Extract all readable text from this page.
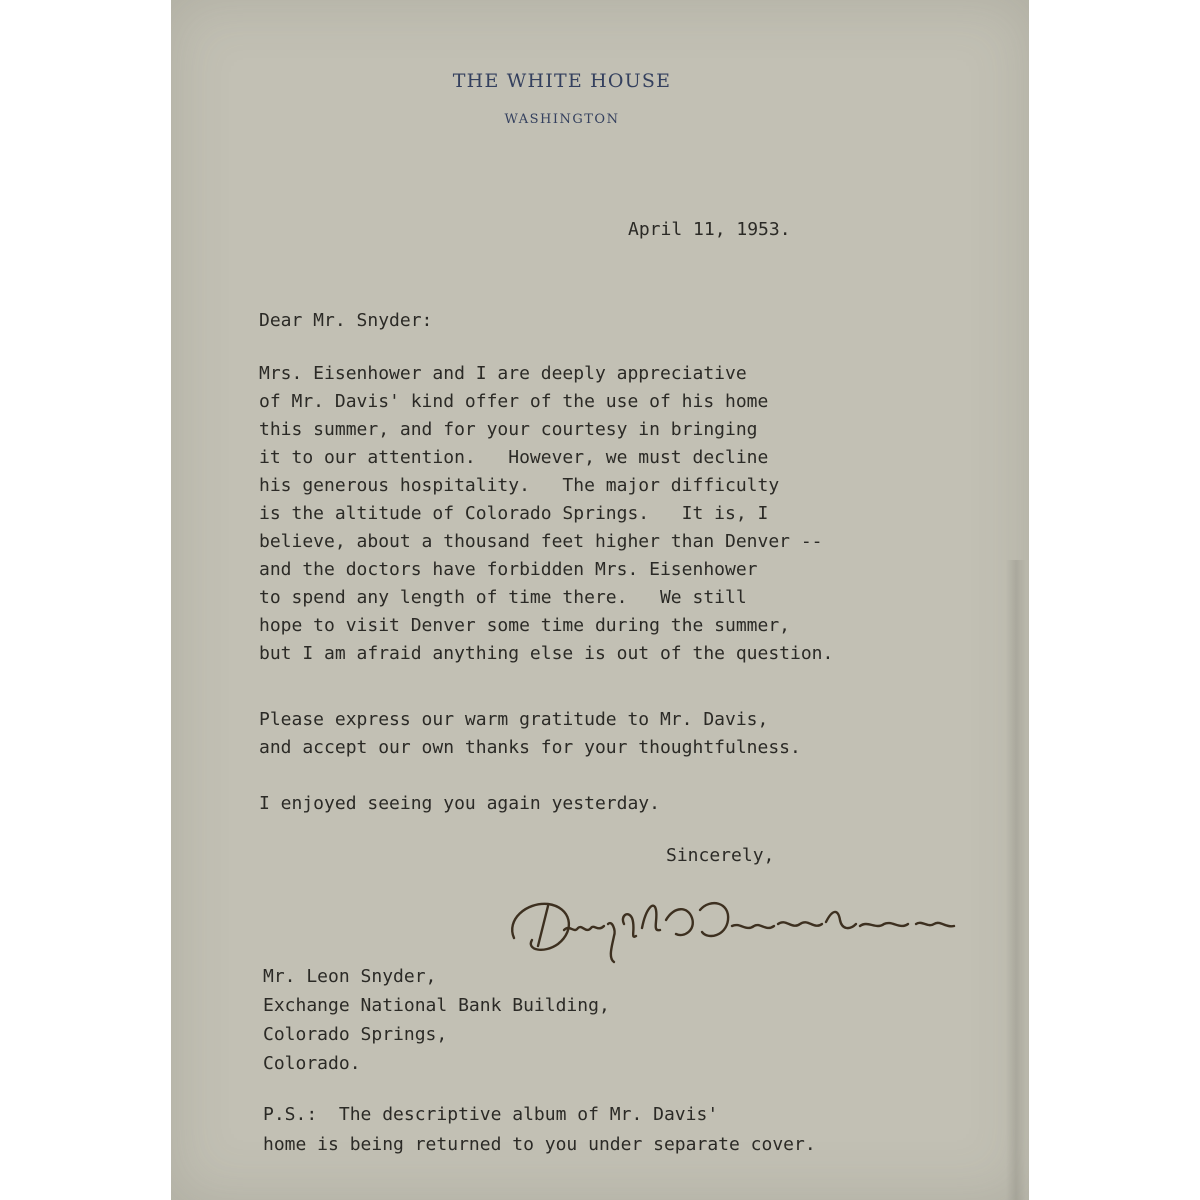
THE WHITE HOUSE
WASHINGTON
April 11, 1953.
Dear Mr. Snyder:

Mrs. Eisenhower and I are deeply appreciative
of Mr. Davis' kind offer of the use of his home
this summer, and for your courtesy in bringing
it to our attention.   However, we must decline
his generous hospitality.   The major difficulty
is the altitude of Colorado Springs.   It is, I
believe, about a thousand feet higher than Denver --
and the doctors have forbidden Mrs. Eisenhower
to spend any length of time there.   We still
hope to visit Denver some time during the summer,
but I am afraid anything else is out of the question.

Please express our warm gratitude to Mr. Davis,
and accept our own thanks for your thoughtfulness.

I enjoyed seeing you again yesterday.

Sincerely,
Mr. Leon Snyder,
Exchange National Bank Building,
Colorado Springs,
Colorado.

P.S.:  The descriptive album of Mr. Davis'
home is being returned to you under separate cover.
